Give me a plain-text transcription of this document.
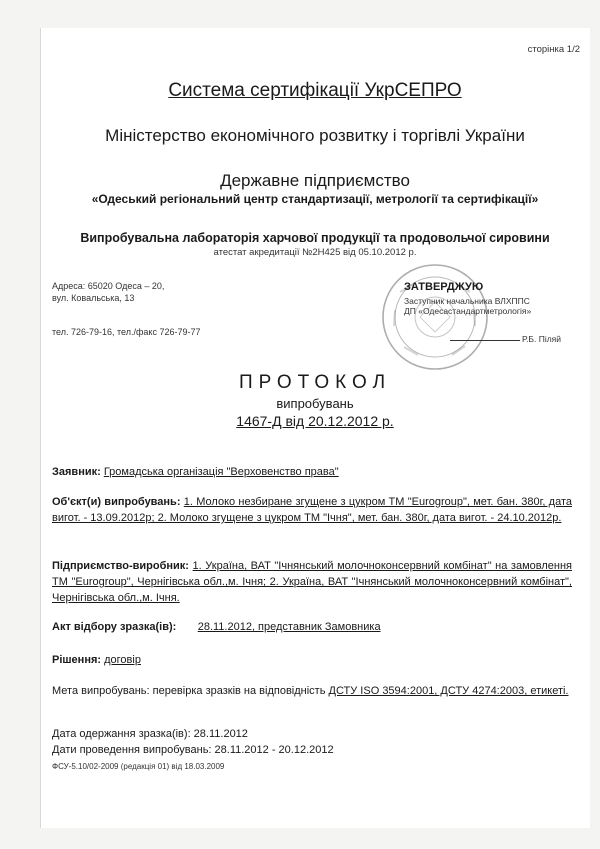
сторінка 1/2
Система сертифікації УкрСЕПРО
Міністерство економічного розвитку і торгівлі України
Державне підприємство
«Одеський регіональний центр стандартизації, метрології та сертифікації»
Випробувальна лабораторія харчової продукції та продовольчої сировини
атестат акредитації №2Н425 від 05.10.2012 р.
Адреса: 65020 Одеса – 20,
вул. Ковальська, 13
тел. 726-79-16, тел./факс 726-79-77
ЗАТВЕРДЖУЮ
Заступник начальника ВЛХППС
ДП «Одесастандартметрологія»
Р.Б. Піляй
ПРОТОКОЛ
випробувань
1467-Д від 20.12.2012 р.
Заявник: Громадська організація "Верховенство права"
Об'єкт(и) випробувань: 1. Молоко незбиране згущене з цукром ТМ "Eurogroup", мет. бан. 380г, дата вигот. - 13.09.2012р; 2. Молоко згущене з цукром ТМ "Ічня", мет. бан. 380г, дата вигот. - 24.10.2012р.
Підприємство-виробник: 1. Україна, ВАТ "Ічнянський молочноконсервний комбінат" на замовлення ТМ "Eurogroup", Чернігівська обл.,м. Ічня; 2. Україна, ВАТ "Ічнянський молочноконсервний комбінат", Чернігівська обл.,м. Ічня.
Акт відбору зразка(ів): 28.11.2012, представник Замовника
Рішення: договір
Мета випробувань: перевірка зразків на відповідність ДСТУ ISO 3594:2001, ДСТУ 4274:2003, етикеті.
Дата одержання зразка(ів): 28.11.2012
Дати проведення випробувань: 28.11.2012 - 20.12.2012
ФСУ-5.10/02-2009 (редакція 01) від 18.03.2009
